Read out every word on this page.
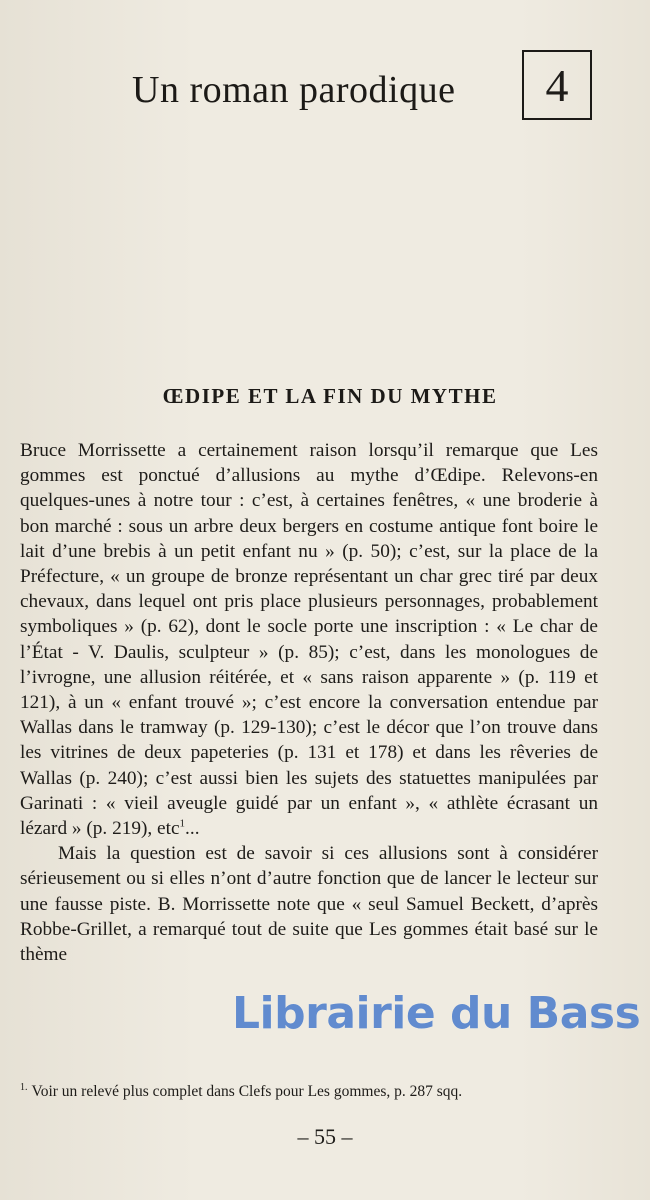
Un roman parodique 4
ŒDIPE ET LA FIN DU MYTHE

Bruce Morrissette a certainement raison lorsqu’il remarque que Les gommes est ponctué d’allusions au mythe d’Œdipe. Relevons-en quelques-unes à notre tour : c’est, à certaines fenêtres, « une broderie à bon marché : sous un arbre deux bergers en costume antique font boire le lait d’une brebis à un petit enfant nu » (p. 50); c’est, sur la place de la Préfecture, « un groupe de bronze représentant un char grec tiré par deux chevaux, dans lequel ont pris place plusieurs personnages, probablement symboliques » (p. 62), dont le socle porte une inscription : « Le char de l’État - V. Daulis, sculpteur » (p. 85); c’est, dans les monologues de l’ivrogne, une allusion réitérée, et « sans raison apparente » (p. 119 et 121), à un « enfant trouvé »; c’est encore la conversation entendue par Wallas dans le tramway (p. 129-130); c’est le décor que l’on trouve dans les vitrines de deux papeteries (p. 131 et 178) et dans les rêveries de Wallas (p. 240); c’est aussi bien les sujets des statuettes manipulées par Garinati : « vieil aveugle guidé par un enfant », « athlète écrasant un lézard » (p. 219), etc$^1$...

Mais la question est de savoir si ces allusions sont à considérer sérieusement ou si elles n’ont d’autre fonction que de lancer le lecteur sur une fausse piste. B. Morrissette note que « seul Samuel Beckett, d’après Robbe-Grillet, a remarqué tout de suite que Les gommes était basé sur le thème

$^{1.}$ Voir un relevé plus complet dans Clefs pour Les gommes, p. 287 sqq.
– 55 –
Librairie du Bass
